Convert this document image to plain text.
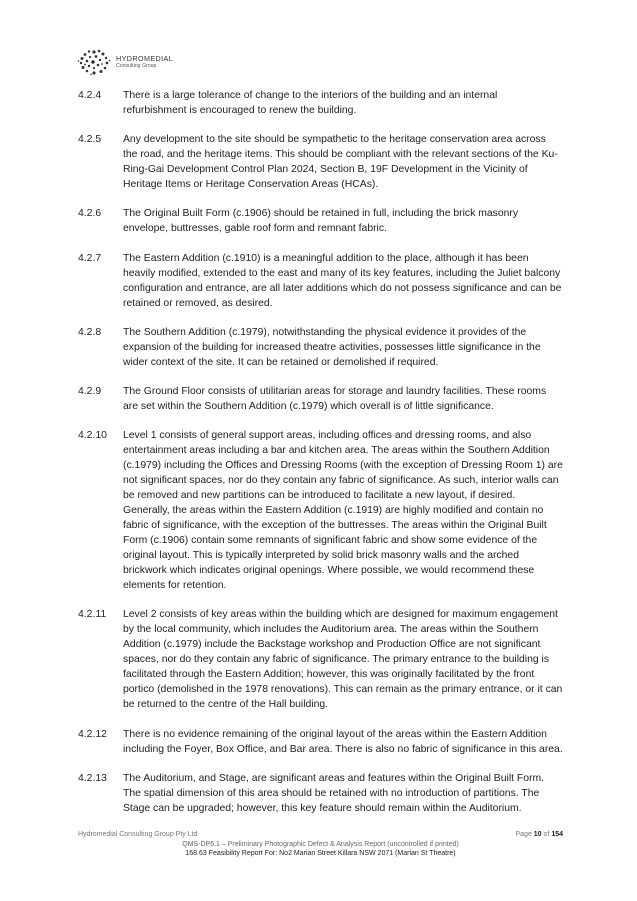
HYDROMEDIAL
Consulting Group
4.2.4	There is a large tolerance of change to the interiors of the building and an internal refurbishment is encouraged to renew the building.

4.2.5	Any development to the site should be sympathetic to the heritage conservation area across the road, and the heritage items. This should be compliant with the relevant sections of the Ku-Ring-Gai Development Control Plan 2024, Section B, 19F Development in the Vicinity of Heritage Items or Heritage Conservation Areas (HCAs).

4.2.6	The Original Built Form (c.1906) should be retained in full, including the brick masonry envelope, buttresses, gable roof form and remnant fabric.

4.2.7	The Eastern Addition (c.1910) is a meaningful addition to the place, although it has been heavily modified, extended to the east and many of its key features, including the Juliet balcony configuration and entrance, are all later additions which do not possess significance and can be retained or removed, as desired.

4.2.8	The Southern Addition (c.1979), notwithstanding the physical evidence it provides of the expansion of the building for increased theatre activities, possesses little significance in the wider context of the site. It can be retained or demolished if required.

4.2.9	The Ground Floor consists of utilitarian areas for storage and laundry facilities. These rooms are set within the Southern Addition (c.1979) which overall is of little significance.

4.2.10	Level 1 consists of general support areas, including offices and dressing rooms, and also entertainment areas including a bar and kitchen area. The areas within the Southern Addition (c.1979) including the Offices and Dressing Rooms (with the exception of Dressing Room 1) are not significant spaces, nor do they contain any fabric of significance. As such, interior walls can be removed and new partitions can be introduced to facilitate a new layout, if desired. Generally, the areas within the Eastern Addition (c.1919) are highly modified and contain no fabric of significance, with the exception of the buttresses. The areas within the Original Built Form (c.1906) contain some remnants of significant fabric and show some evidence of the original layout. This is typically interpreted by solid brick masonry walls and the arched brickwork which indicates original openings. Where possible, we would recommend these elements for retention.

4.2.11	Level 2 consists of key areas within the building which are designed for maximum engagement by the local community, which includes the Auditorium area. The areas within the Southern Addition (c.1979) include the Backstage workshop and Production Office are not significant spaces, nor do they contain any fabric of significance. The primary entrance to the building is facilitated through the Eastern Addition; however, this was originally facilitated by the front portico (demolished in the 1978 renovations). This can remain as the primary entrance, or it can be returned to the centre of the Hall building.

4.2.12	There is no evidence remaining of the original layout of the areas within the Eastern Addition including the Foyer, Box Office, and Bar area. There is also no fabric of significance in this area.

4.2.13	The Auditorium, and Stage, are significant areas and features within the Original Built Form. The spatial dimension of this area should be retained with no introduction of partitions. The Stage can be upgraded; however, this key feature should remain within the Auditorium.

Hydromedial Consulting Group Pty Ltd	Page 10 of 154
QMS-DP6.1 – Preliminary Photographic Defect & Analysis Report (uncontrolled if printed)
168.63 Feasibility Report For: No2 Marian Street Killara NSW 2071 (Marian St Theatre)
